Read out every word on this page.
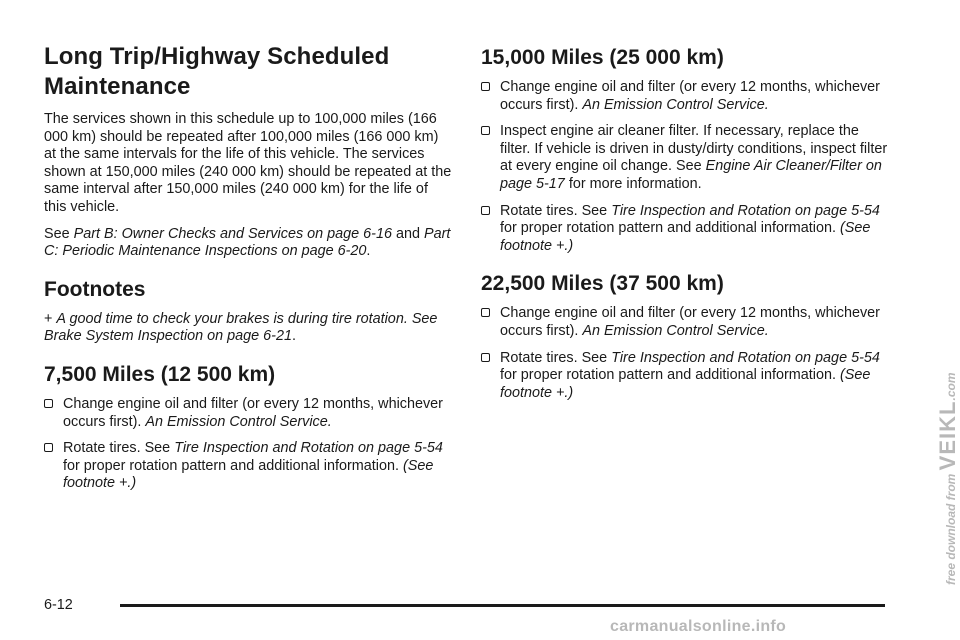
Long Trip/Highway Scheduled Maintenance

The services shown in this schedule up to 100,000 miles (166 000 km) should be repeated after 100,000 miles (166 000 km) at the same intervals for the life of this vehicle. The services shown at 150,000 miles (240 000 km) should be repeated at the same interval after 150,000 miles (240 000 km) for the life of this vehicle.

See Part B: Owner Checks and Services on page 6-16 and Part C: Periodic Maintenance Inspections on page 6-20.

Footnotes

+ A good time to check your brakes is during tire rotation. See Brake System Inspection on page 6-21.

7,500 Miles (12 500 km)
Change engine oil and filter (or every 12 months, whichever occurs first). An Emission Control Service.
Rotate tires. See Tire Inspection and Rotation on page 5-54 for proper rotation pattern and additional information. (See footnote +.)
15,000 Miles (25 000 km)
Change engine oil and filter (or every 12 months, whichever occurs first). An Emission Control Service.
Inspect engine air cleaner filter. If necessary, replace the filter. If vehicle is driven in dusty/dirty conditions, inspect filter at every engine oil change. See Engine Air Cleaner/Filter on page 5-17 for more information.
Rotate tires. See Tire Inspection and Rotation on page 5-54 for proper rotation pattern and additional information. (See footnote +.)
22,500 Miles (37 500 km)
Change engine oil and filter (or every 12 months, whichever occurs first). An Emission Control Service.
Rotate tires. See Tire Inspection and Rotation on page 5-54 for proper rotation pattern and additional information. (See footnote +.)
6-12
carmanualsonline.info
free download from VEIKL.com
